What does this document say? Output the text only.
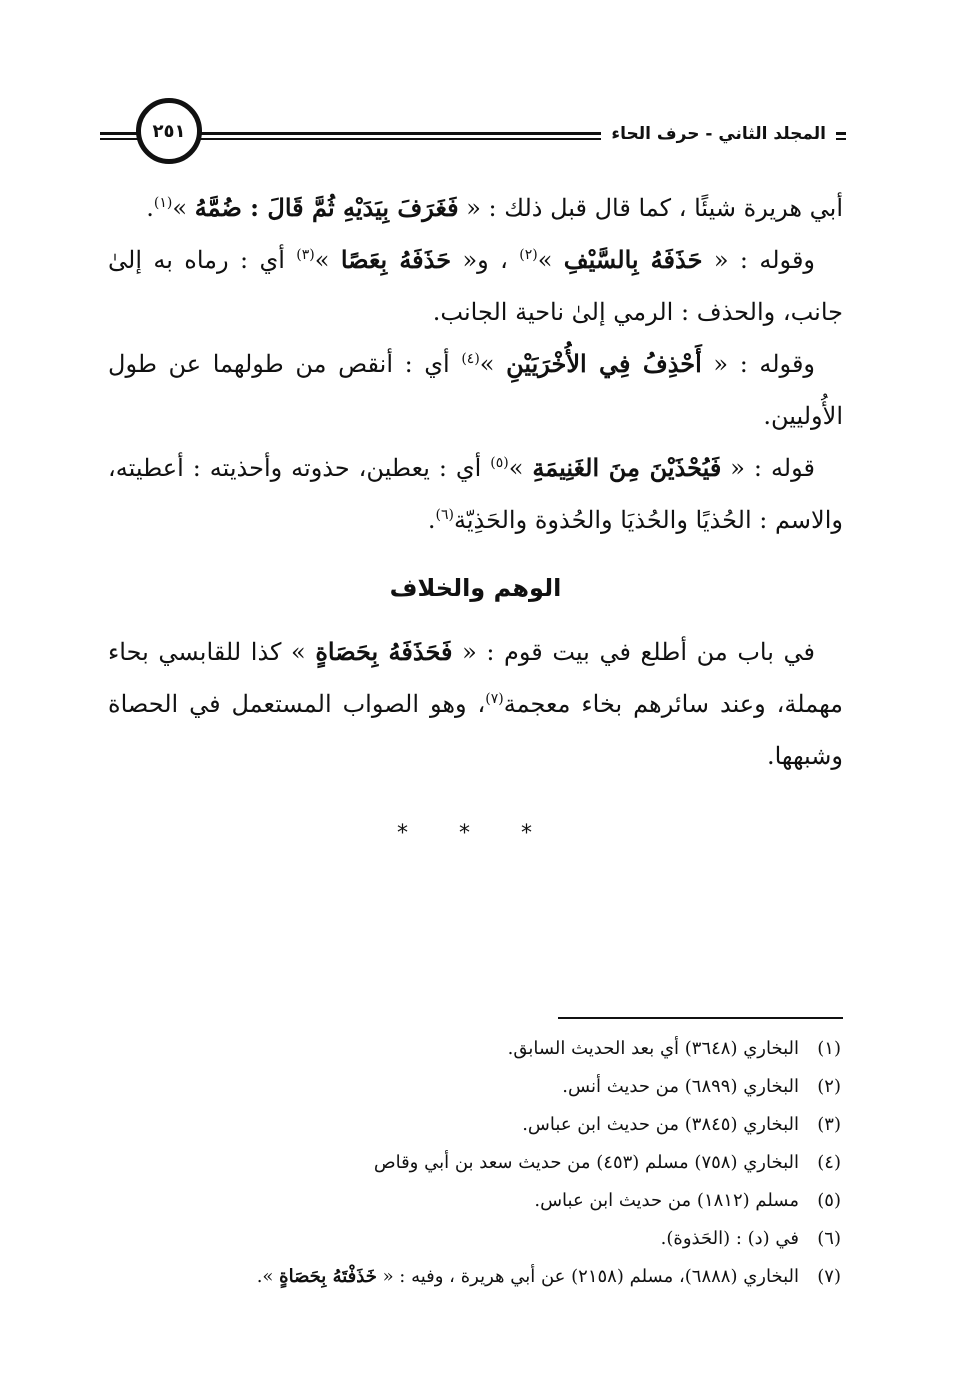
المجلد الثاني - حرف الحاء
٢٥١

أبي هريرة شيئًا ، كما قال قبل ذلك : « فَغَرَفَ بِيَدَيْهِ ثُمَّ قَالَ : ضُمَّهُ »$^{(١)}$.

وقوله : « حَذَفَهُ بِالسَّيْفِ »$^{(٢)}$ ، و« حَذَفَهُ بِعَصًا »$^{(٣)}$ أي : رماه به إلىٰ جانب، والحذف : الرمي إلىٰ ناحية الجانب.

وقوله : « أَحْذِفُ فِي الأُخْرَيَيْنِ »$^{(٤)}$ أي : أنقص من طولهما عن طول الأُوليين.

قوله : « فَيُحْذَيْنَ مِنَ الغَنِيمَةِ »$^{(٥)}$ أي : يعطين، حذوته وأحذيته : أعطيته، والاسم : الحُذيًا والحُذيَا والحُذوة والحَذِيّة$^{(٦)}$.

الوهم والخلاف

في باب من أطلع في بيت قوم : « فَحَذَفَهُ بِحَصَاةٍ » كذا للقابسي بحاء مهملة، وعند سائرهم بخاء معجمة$^{(٧)}$، وهو الصواب المستعمل في الحصاة وشبهها.

* * *
(١)
البخاري (٣٦٤٨) أي بعد الحديث السابق.
(٢)
البخاري (٦٨٩٩) من حديث أنس.
(٣)
البخاري (٣٨٤٥) من حديث ابن عباس.
(٤)
البخاري (٧٥٨) مسلم (٤٥٣) من حديث سعد بن أبي وقاص
(٥)
مسلم (١٨١٢) من حديث ابن عباس.
(٦)
في (د) : (الحَذوة).
(٧)
البخاري (٦٨٨٨)، مسلم (٢١٥٨) عن أبي هريرة ، وفيه : « خَذَفْتَهُ بِحَصَاةٍ ».
